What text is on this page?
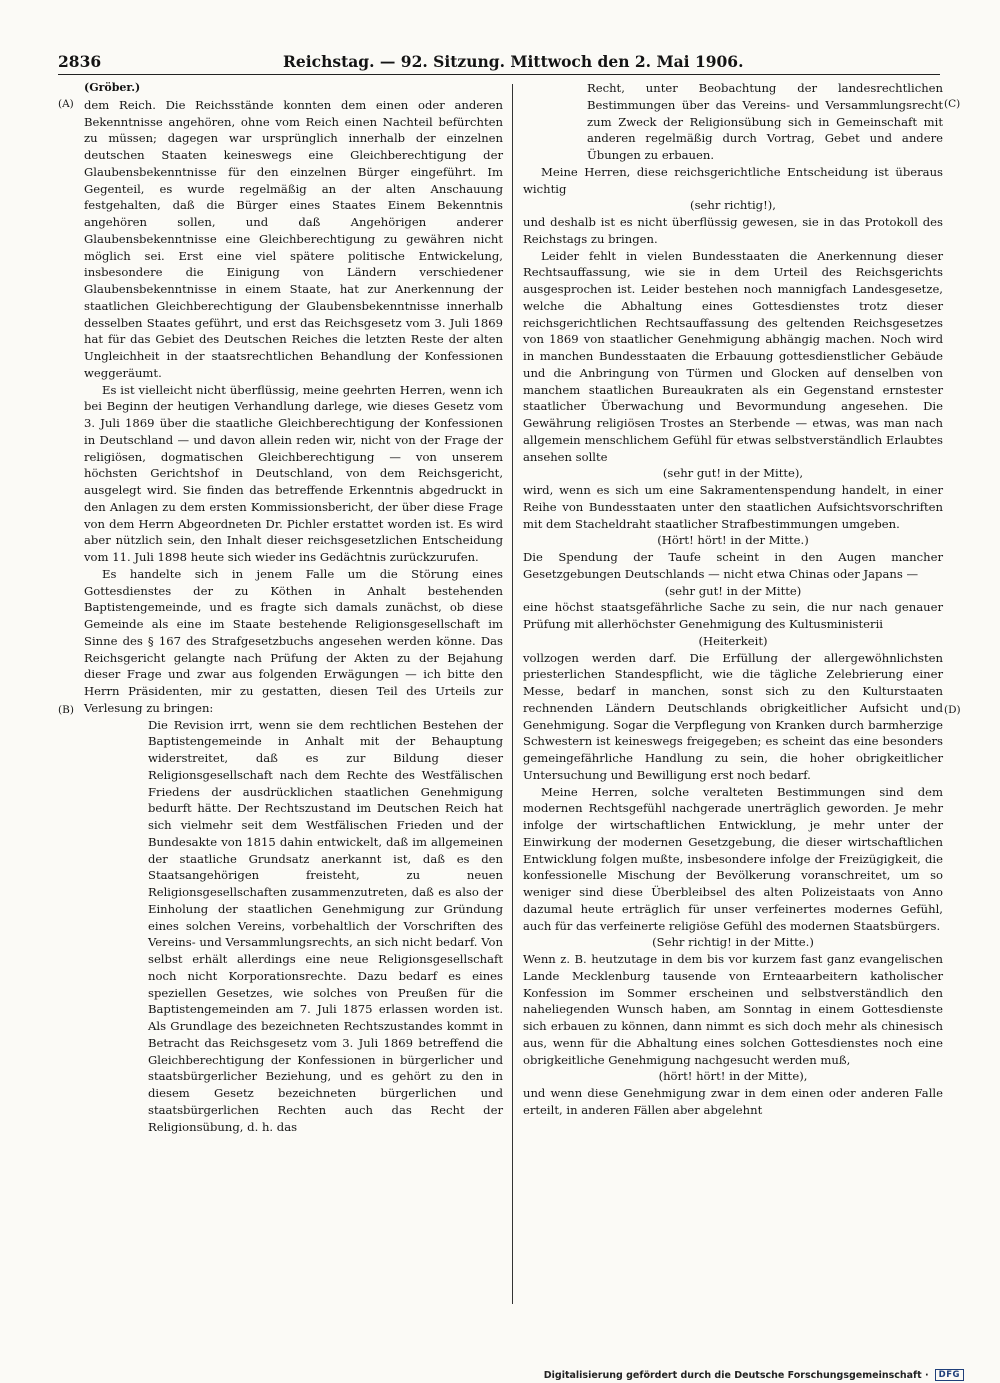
2836	Reichstag. — 92. Sitzung. Mittwoch den 2. Mai 1906.
(A)
(B)
(C)
(D)

(Gröber.)

dem Reich. Die Reichsstände konnten dem einen oder anderen Bekenntnisse angehören, ohne vom Reich einen Nachteil befürchten zu müssen; dagegen war ursprünglich innerhalb der einzelnen deutschen Staaten keineswegs eine Gleichberechtigung der Glaubensbekenntnisse für den einzelnen Bürger eingeführt. Im Gegenteil, es wurde regelmäßig an der alten Anschauung festgehalten, daß die Bürger eines Staates Einem Bekenntnis angehören sollen, und daß Angehörigen anderer Glaubensbekenntnisse eine Gleichberechtigung zu gewähren nicht möglich sei. Erst eine viel spätere politische Entwickelung, insbesondere die Einigung von Ländern verschiedener Glaubensbekenntnisse in einem Staate, hat zur Anerkennung der staatlichen Gleichberechtigung der Glaubensbekenntnisse innerhalb desselben Staates geführt, und erst das Reichsgesetz vom 3. Juli 1869 hat für das Gebiet des Deutschen Reiches die letzten Reste der alten Ungleichheit in der staatsrechtlichen Behandlung der Konfessionen weggeräumt.

Es ist vielleicht nicht überflüssig, meine geehrten Herren, wenn ich bei Beginn der heutigen Verhandlung darlege, wie dieses Gesetz vom 3. Juli 1869 über die staatliche Gleichberechtigung der Konfessionen in Deutschland — und davon allein reden wir, nicht von der Frage der religiösen, dogmatischen Gleichberechtigung — von unserem höchsten Gerichtshof in Deutschland, von dem Reichsgericht, ausgelegt wird. Sie finden das betreffende Erkenntnis abgedruckt in den Anlagen zu dem ersten Kommissionsbericht, der über diese Frage von dem Herrn Abgeordneten Dr. Pichler erstattet worden ist. Es wird aber nützlich sein, den Inhalt dieser reichsgesetzlichen Entscheidung vom 11. Juli 1898 heute sich wieder ins Gedächtnis zurückzurufen.

Es handelte sich in jenem Falle um die Störung eines Gottesdienstes der zu Köthen in Anhalt bestehenden Baptistengemeinde, und es fragte sich damals zunächst, ob diese Gemeinde als eine im Staate bestehende Religionsgesellschaft im Sinne des § 167 des Strafgesetzbuchs angesehen werden könne. Das Reichsgericht gelangte nach Prüfung der Akten zu der Bejahung dieser Frage und zwar aus folgenden Erwägungen — ich bitte den Herrn Präsidenten, mir zu gestatten, diesen Teil des Urteils zur Verlesung zu bringen:

Die Revision irrt, wenn sie dem rechtlichen Bestehen der Baptistengemeinde in Anhalt mit der Behauptung widerstreitet, daß es zur Bildung dieser Religionsgesellschaft nach dem Rechte des Westfälischen Friedens der ausdrücklichen staatlichen Genehmigung bedurft hätte. Der Rechtszustand im Deutschen Reich hat sich vielmehr seit dem Westfälischen Frieden und der Bundesakte von 1815 dahin entwickelt, daß im allgemeinen der staatliche Grundsatz anerkannt ist, daß es den Staatsangehörigen freisteht, zu neuen Religionsgesellschaften zusammenzutreten, daß es also der Einholung der staatlichen Genehmigung zur Gründung eines solchen Vereins, vorbehaltlich der Vorschriften des Vereins- und Versammlungsrechts, an sich nicht bedarf. Von selbst erhält allerdings eine neue Religionsgesellschaft noch nicht Korporationsrechte. Dazu bedarf es eines speziellen Gesetzes, wie solches von Preußen für die Baptistengemeinden am 7. Juli 1875 erlassen worden ist. Als Grundlage des bezeichneten Rechtszustandes kommt in Betracht das Reichsgesetz vom 3. Juli 1869 betreffend die Gleichberechtigung der Konfessionen in bürgerlicher und staatsbürgerlicher Beziehung, und es gehört zu den in diesem Gesetz bezeichneten bürgerlichen und staatsbürgerlichen Rechten auch das Recht der Religionsübung, d. h. das

Recht, unter Beobachtung der landesrechtlichen Bestimmungen über das Vereins- und Versammlungsrecht zum Zweck der Religionsübung sich in Gemeinschaft mit anderen regelmäßig durch Vortrag, Gebet und andere Übungen zu erbauen.

Meine Herren, diese reichsgerichtliche Entscheidung ist überaus wichtig

(sehr richtig!),

und deshalb ist es nicht überflüssig gewesen, sie in das Protokoll des Reichstags zu bringen.

Leider fehlt in vielen Bundesstaaten die Anerkennung dieser Rechtsauffassung, wie sie in dem Urteil des Reichsgerichts ausgesprochen ist. Leider bestehen noch mannigfach Landesgesetze, welche die Abhaltung eines Gottesdienstes trotz dieser reichsgerichtlichen Rechtsauffassung des geltenden Reichsgesetzes von 1869 von staatlicher Genehmigung abhängig machen. Noch wird in manchen Bundesstaaten die Erbauung gottesdienstlicher Gebäude und die Anbringung von Türmen und Glocken auf denselben von manchem staatlichen Bureaukraten als ein Gegenstand ernstester staatlicher Überwachung und Bevormundung angesehen. Die Gewährung religiösen Trostes an Sterbende — etwas, was man nach allgemein menschlichem Gefühl für etwas selbstverständlich Erlaubtes ansehen sollte

(sehr gut! in der Mitte),

wird, wenn es sich um eine Sakramentenspendung handelt, in einer Reihe von Bundesstaaten unter den staatlichen Aufsichtsvorschriften mit dem Stacheldraht staatlicher Strafbestimmungen umgeben.

(Hört! hört! in der Mitte.)

Die Spendung der Taufe scheint in den Augen mancher Gesetzgebungen Deutschlands — nicht etwa Chinas oder Japans —

(sehr gut! in der Mitte)

eine höchst staatsgefährliche Sache zu sein, die nur nach genauer Prüfung mit allerhöchster Genehmigung des Kultusministerii

(Heiterkeit)

vollzogen werden darf. Die Erfüllung der allergewöhnlichsten priesterlichen Standespflicht, wie die tägliche Zelebrierung einer Messe, bedarf in manchen, sonst sich zu den Kulturstaaten rechnenden Ländern Deutschlands obrigkeitlicher Aufsicht und Genehmigung. Sogar die Verpflegung von Kranken durch barmherzige Schwestern ist keineswegs freigegeben; es scheint das eine besonders gemeingefährliche Handlung zu sein, die hoher obrigkeitlicher Untersuchung und Bewilligung erst noch bedarf.

Meine Herren, solche veralteten Bestimmungen sind dem modernen Rechtsgefühl nachgerade unerträglich geworden. Je mehr infolge der wirtschaftlichen Entwicklung, je mehr unter der Einwirkung der modernen Gesetzgebung, die dieser wirtschaftlichen Entwicklung folgen mußte, insbesondere infolge der Freizügigkeit, die konfessionelle Mischung der Bevölkerung voranschreitet, um so weniger sind diese Überbleibsel des alten Polizeistaats von Anno dazumal heute erträglich für unser verfeinertes modernes Gefühl, auch für das verfeinerte religiöse Gefühl des modernen Staatsbürgers.

(Sehr richtig! in der Mitte.)

Wenn z. B. heutzutage in dem bis vor kurzem fast ganz evangelischen Lande Mecklenburg tausende von Ernteaarbeitern katholischer Konfession im Sommer erscheinen und selbstverständlich den naheliegenden Wunsch haben, am Sonntag in einem Gottesdienste sich erbauen zu können, dann nimmt es sich doch mehr als chinesisch aus, wenn für die Abhaltung eines solchen Gottesdienstes noch eine obrigkeitliche Genehmigung nachgesucht werden muß,

(hört! hört! in der Mitte),

und wenn diese Genehmigung zwar in dem einen oder anderen Falle erteilt, in anderen Fällen aber abgelehnt

Digitalisierung gefördert durch die Deutsche Forschungsgemeinschaft ·	DFG
